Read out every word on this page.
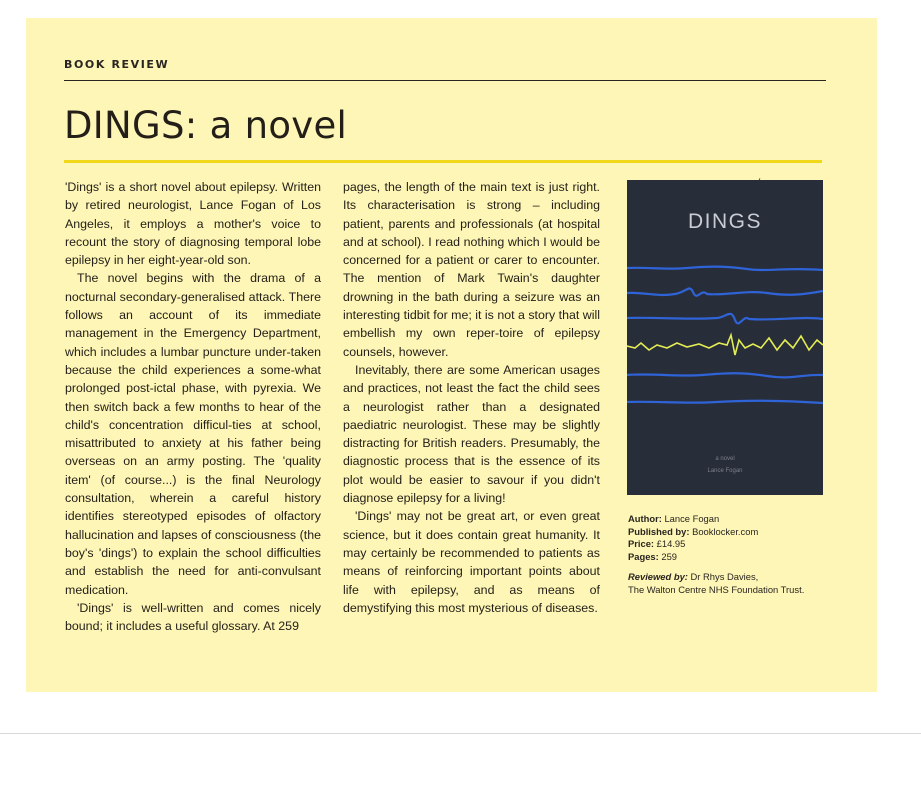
BOOK REVIEW
DINGS: a novel

'Dings' is a short novel about epilepsy. Written by retired neurologist, Lance Fogan of Los Angeles, it employs a mother's voice to recount the story of diagnosing temporal lobe epilepsy in her eight-year-old son.

The novel begins with the drama of a nocturnal secondary-generalised attack. There follows an account of its immediate management in the Emergency Department, which includes a lumbar puncture under-taken because the child experiences a some-what prolonged post-ictal phase, with pyrexia. We then switch back a few months to hear of the child's concentration difficul-ties at school, misattributed to anxiety at his father being overseas on an army posting. The 'quality item' (of course...) is the final Neurology consultation, wherein a careful history identifies stereotyped episodes of olfactory hallucination and lapses of consciousness (the boy's 'dings') to explain the school difficulties and establish the need for anti-convulsant medication.

'Dings' is well-written and comes nicely bound; it includes a useful glossary. At 259

pages, the length of the main text is just right. Its characterisation is strong – including patient, parents and professionals (at hospital and at school). I read nothing which I would be concerned for a patient or carer to encounter. The mention of Mark Twain's daughter drowning in the bath during a seizure was an interesting tidbit for me; it is not a story that will embellish my own reper-toire of epilepsy counsels, however.

Inevitably, there are some American usages and practices, not least the fact the child sees a neurologist rather than a designated paediatric neurologist. These may be slightly distracting for British readers. Presumably, the diagnostic process that is the essence of its plot would be easier to savour if you didn't diagnose epilepsy for a living!

'Dings' may not be great art, or even great science, but it does contain great humanity. It may certainly be recommended to patients as means of reinforcing important points about life with epilepsy, and as means of demystifying this most mysterious of diseases.

DINGS
a novel
Lance Fogan
Author: Lance Fogan
Published by: Booklocker.com
Price: £14.95
Pages: 259
Reviewed by: Dr Rhys Davies,
The Walton Centre NHS Foundation Trust.
